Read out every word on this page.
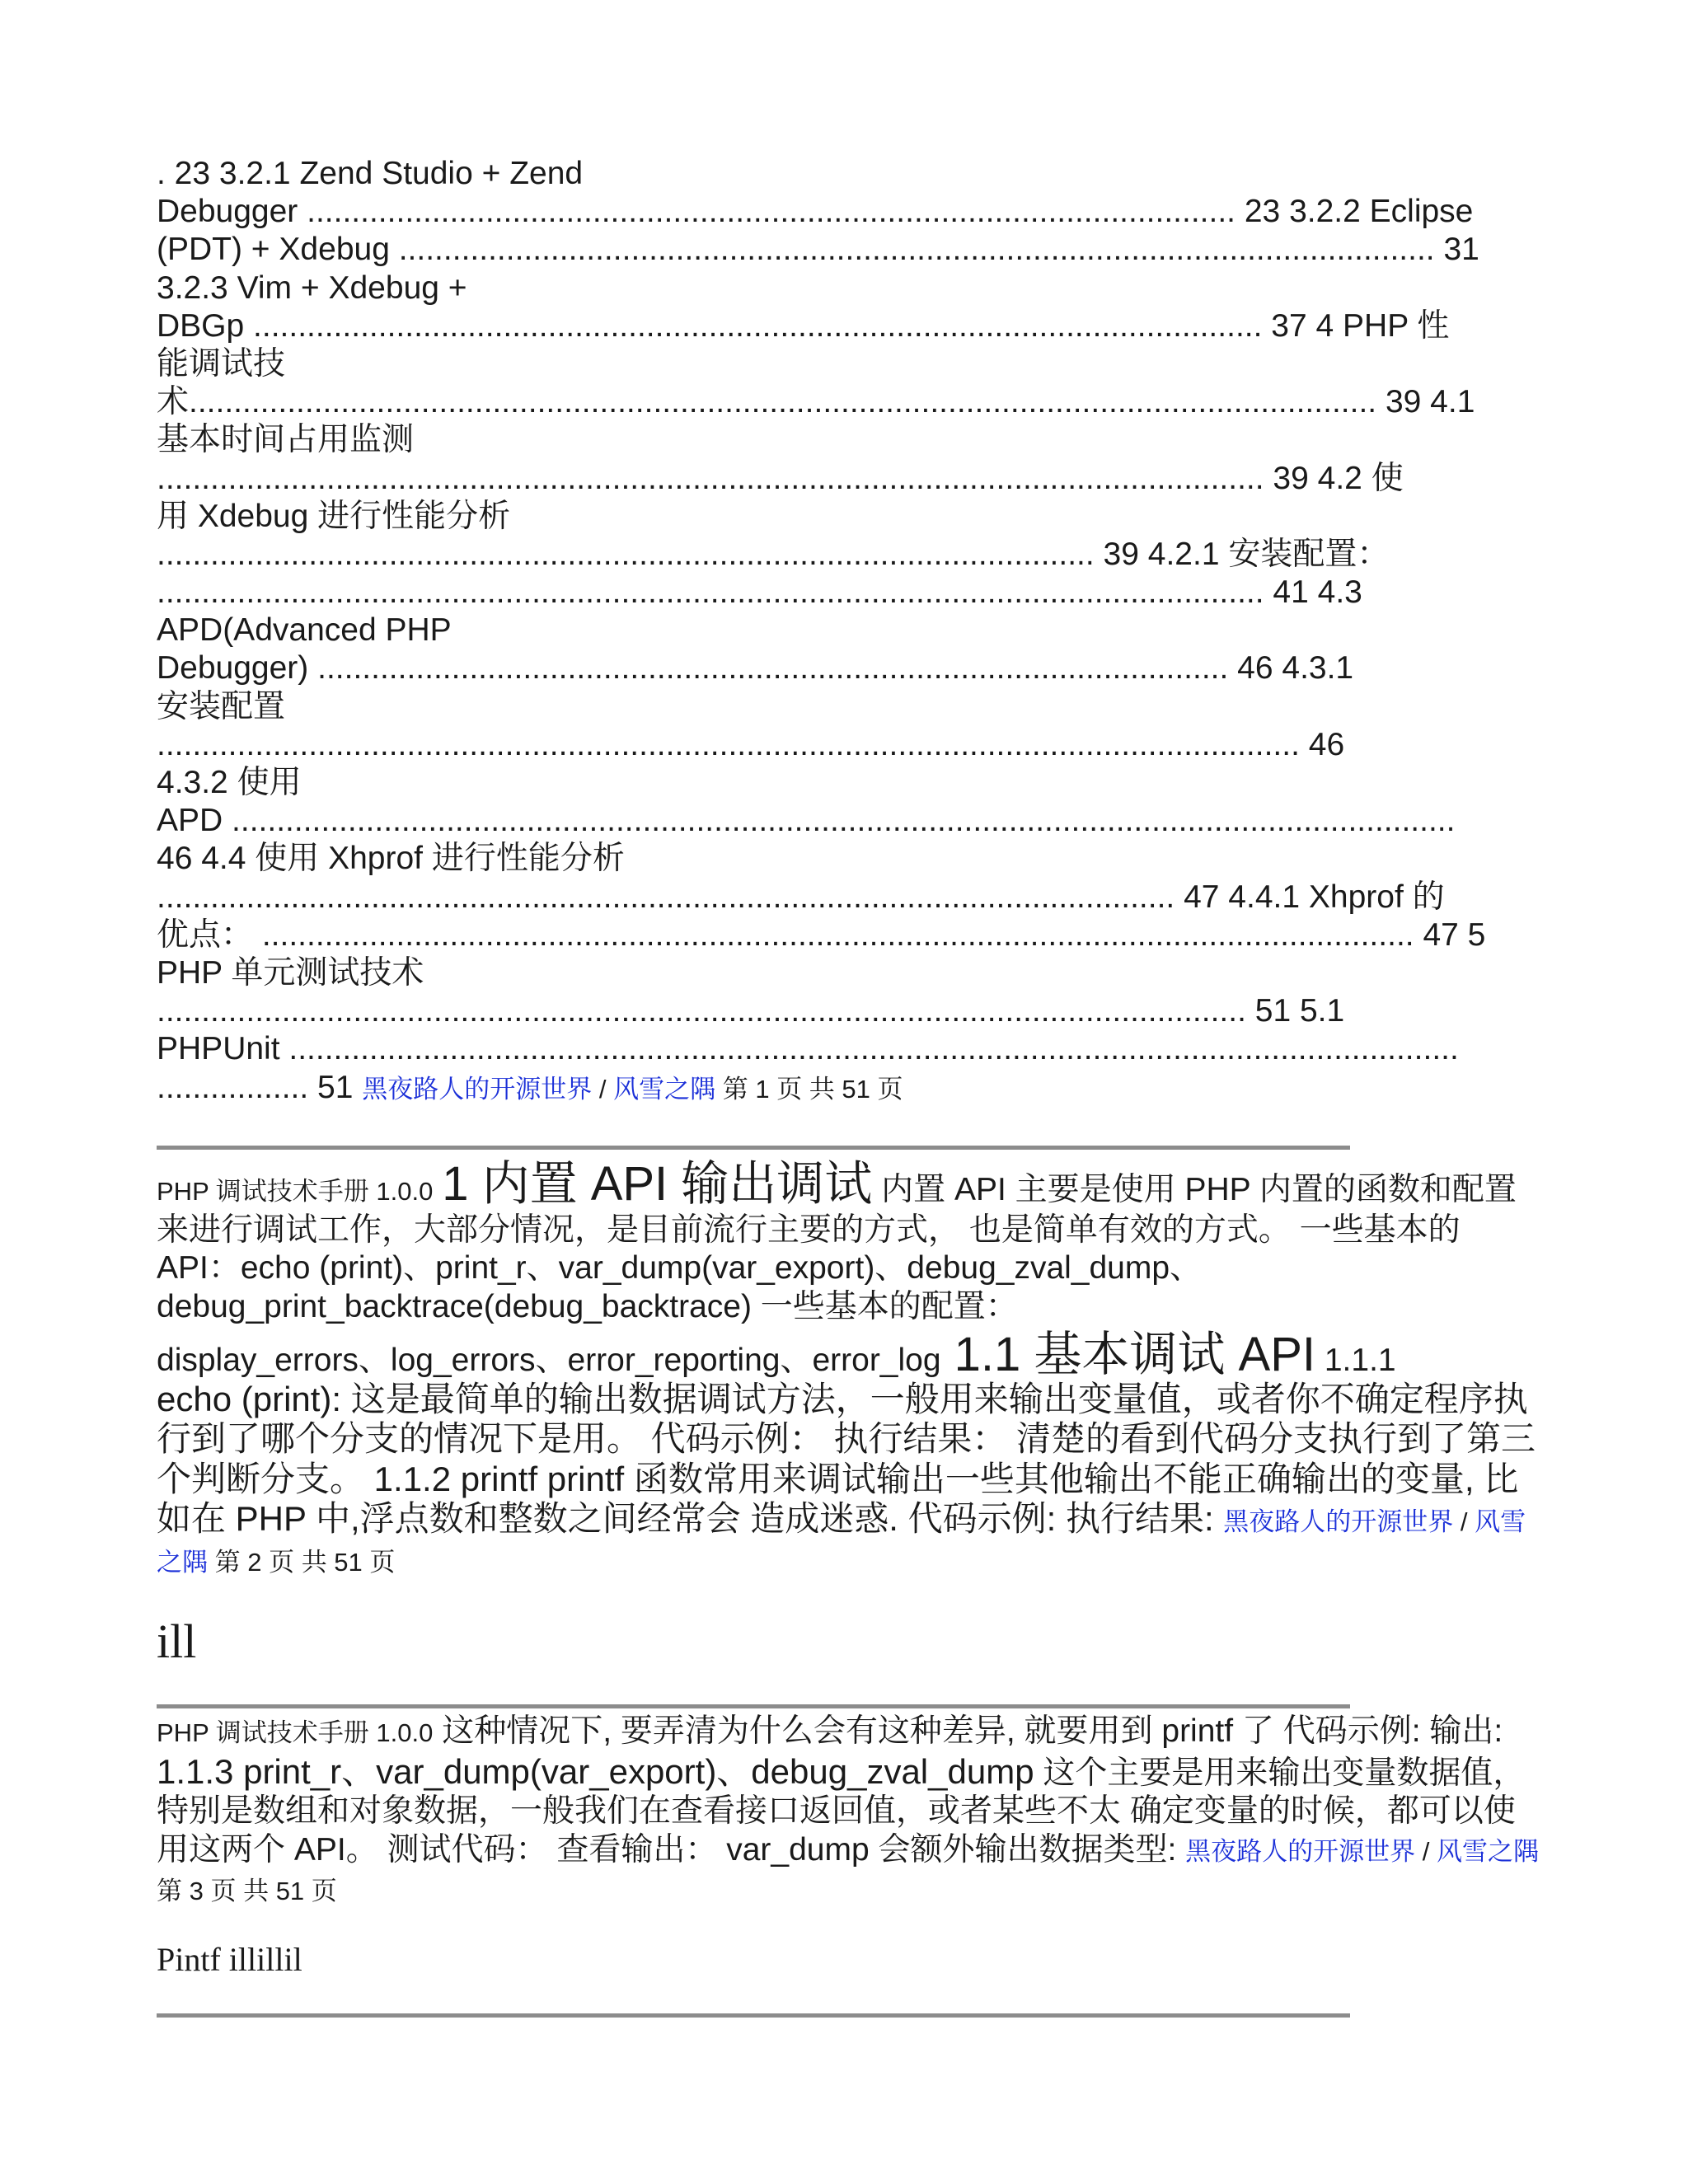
. 23 3.2.1 Zend Studio + Zend
Debugger ........................................................................................................ 23 3.2.2 Eclipse
(PDT) + Xdebug .................................................................................................................... 31
3.2.3 Vim + Xdebug +
DBGp ................................................................................................................. 37 4 PHP 性
能调试技
术..................................................................................................................................... 39 4.1
基本时间占用监测
............................................................................................................................ 39 4.2 使
用 Xdebug 进行性能分析
......................................................................................................... 39 4.2.1 安装配置：
............................................................................................................................ 41 4.3
APD(Advanced PHP
Debugger) ...................................................................................................... 46 4.3.1
安装配置
................................................................................................................................ 46
4.3.2 使用
APD .........................................................................................................................................
46 4.4 使用 Xhprof 进行性能分析
.................................................................................................................. 47 4.4.1 Xhprof 的
优点： ................................................................................................................................. 47 5
PHP 单元测试技术
.......................................................................................................................... 51 5.1
PHPUnit ...................................................................................................................................
................. 51 黑夜路人的开源世界 / 风雪之隅 第 1 页 共 51 页
PHP 调试技术手册 1.0.0 1 内置 API 输出调试 内置 API 主要是使用 PHP 内置的函数和配置来进行调试工作，大部分情况，是目前流行主要的方式， 也是简单有效的方式。 一些基本的 API：echo (print)、print_r、var_dump(var_export)、debug_zval_dump、debug_print_backtrace(debug_backtrace) 一些基本的配置：
display_errors、log_errors、error_reporting、error_log 1.1 基本调试 API 1.1.1
echo (print): 这是最简单的输出数据调试方法，一般用来输出变量值，或者你不确定程序执行到了哪个分支的情况下是用。 代码示例： 执行结果： 清楚的看到代码分支执行到了第三个判断分支。 1.1.2 printf printf 函数常用来调试输出一些其他输出不能正确输出的变量, 比如在 PHP 中,浮点数和整数之间经常会 造成迷惑. 代码示例: 执行结果: 黑夜路人的开源世界 / 风雪之隅 第 2 页 共 51 页
ill
PHP 调试技术手册 1.0.0 这种情况下, 要弄清为什么会有这种差异, 就要用到 printf 了 代码示例: 输出: 1.1.3 print_r、var_dump(var_export)、debug_zval_dump 这个主要是用来输出变量数据值，特别是数组和对象数据，一般我们在查看接口返回值，或者某些不太 确定变量的时候，都可以使用这两个 API。 测试代码： 查看输出： var_dump 会额外输出数据类型: 黑夜路人的开源世界 / 风雪之隅 第 3 页 共 51 页
Pintf illillil
